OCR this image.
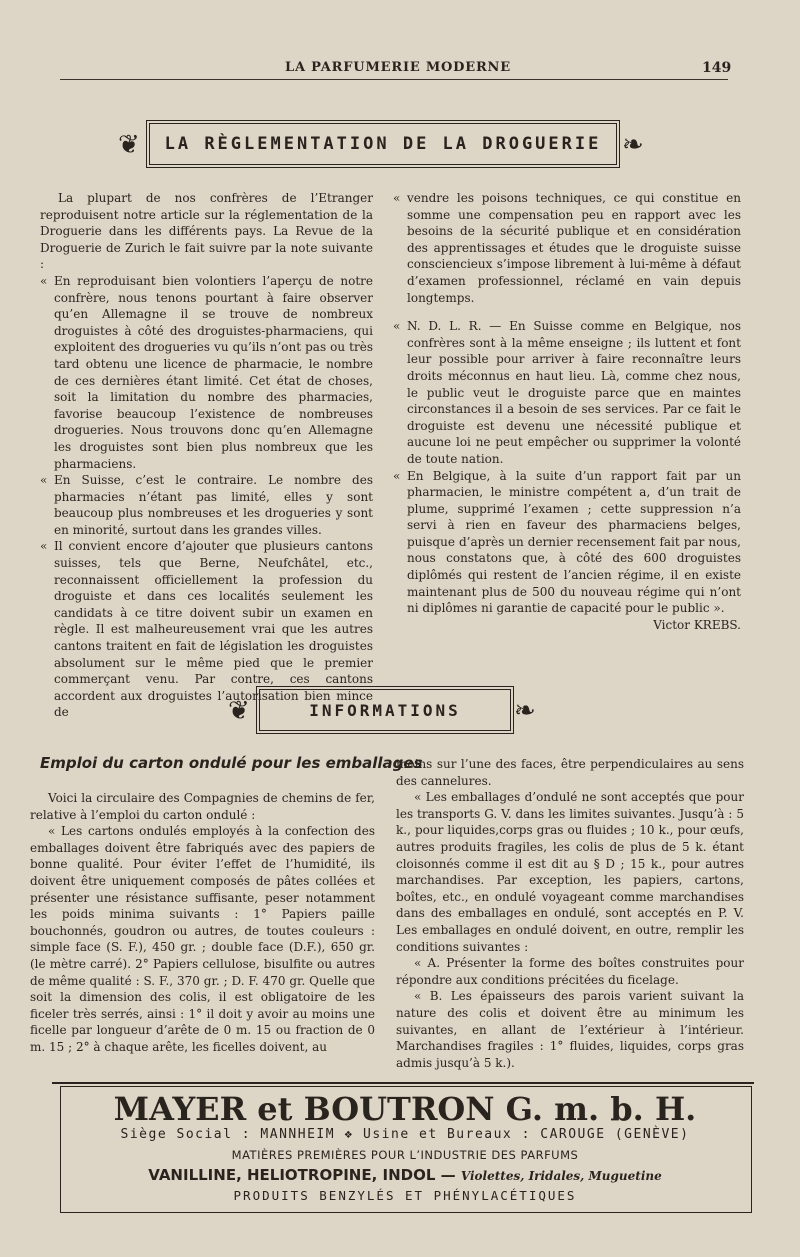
LA PARFUMERIE MODERNE	149
❦ LA RÈGLEMENTATION DE LA DROGUERIE ❧

La plupart de nos confrères de l’Etranger reproduisent notre article sur la réglementation de la Droguerie dans les différents pays. La Revue de la Droguerie de Zurich le fait suivre par la note suivante :

« En reproduisant bien volontiers l’aperçu de notre confrère, nous tenons pourtant à faire observer qu’en Allemagne il se trouve de nombreux droguistes à côté des droguistes-pharmaciens, qui exploitent des drogueries vu qu’ils n’ont pas ou très tard obtenu une licence de pharmacie, le nombre de ces dernières étant limité. Cet état de choses, soit la limitation du nombre des pharmacies, favorise beaucoup l’existence de nombreuses drogueries. Nous trouvons donc qu’en Allemagne les droguistes sont bien plus nombreux que les pharmaciens.

« En Suisse, c’est le contraire. Le nombre des pharmacies n’étant pas limité, elles y sont beaucoup plus nombreuses et les drogueries y sont en minorité, surtout dans les grandes villes.

« Il convient encore d’ajouter que plusieurs cantons suisses, tels que Berne, Neufchâtel, etc., reconnaissent officiellement la profession du droguiste et dans ces localités seulement les candidats à ce titre doivent subir un examen en règle. Il est malheureusement vrai que les autres cantons traitent en fait de législation les droguistes absolument sur le même pied que le premier commerçant venu. Par contre, ces cantons accordent aux droguistes l’autorisation bien mince de

« vendre les poisons techniques, ce qui constitue en somme une compensation peu en rapport avec les besoins de la sécurité publique et en considération des apprentissages et études que le droguiste suisse consciencieux s’impose librement à lui-même à défaut d’examen professionnel, réclamé en vain depuis longtemps.

« N. D. L. R. — En Suisse comme en Belgique, nos confrères sont à la même enseigne ; ils luttent et font leur possible pour arriver à faire reconnaître leurs droits méconnus en haut lieu. Là, comme chez nous, le public veut le droguiste parce que en maintes circonstances il a besoin de ses services. Par ce fait le droguiste est devenu une nécessité publique et aucune loi ne peut empêcher ou supprimer la volonté de toute nation.

« En Belgique, à la suite d’un rapport fait par un pharmacien, le ministre compétent a, d’un trait de plume, supprimé l’examen ; cette suppression n’a servi à rien en faveur des pharmaciens belges, puisque d’après un dernier recensement fait par nous, nous constatons que, à côté des 600 droguistes diplômés qui restent de l’ancien régime, il en existe maintenant plus de 500 du nouveau régime qui n’ont ni diplômes ni garantie de capacité pour le public ».

Victor KREBS.

❦	INFORMATIONS ❧
Emploi du carton ondulé pour les emballages

Voici la circulaire des Compagnies de chemins de fer, relative à l’emploi du carton ondulé :

« Les cartons ondulés employés à la confection des emballages doivent être fabriqués avec des papiers de bonne qualité. Pour éviter l’effet de l’humidité, ils doivent être uniquement composés de pâtes collées et présenter une résistance suffisante, peser notamment les poids minima suivants : 1° Papiers paille bouchonnés, goudron ou autres, de toutes couleurs : simple face (S. F.), 450 gr. ; double face (D.F.), 650 gr. (le mètre carré). 2° Papiers cellulose, bisulfite ou autres de même qualité : S. F., 370 gr. ; D. F. 470 gr. Quelle que soit la dimension des colis, il est obligatoire de les ficeler très serrés, ainsi : 1° il doit y avoir au moins une ficelle par longueur d’arête de 0 m. 15 ou fraction de 0 m. 15 ; 2° à chaque arête, les ficelles doivent, au

moins sur l’une des faces, être perpendiculaires au sens des cannelures.

« Les emballages d’ondulé ne sont acceptés que pour les transports G. V. dans les limites suivantes. Jusqu’à : 5 k., pour liquides,corps gras ou fluides ; 10 k., pour œufs, autres produits fragiles, les colis de plus de 5 k. étant cloisonnés comme il est dit au § D ; 15 k., pour autres marchandises. Par exception, les papiers, cartons, boîtes, etc., en ondulé voyageant comme marchandises dans des emballages en ondulé, sont acceptés en P. V. Les emballages en ondulé doivent, en outre, remplir les conditions suivantes :

« A. Présenter la forme des boîtes construites pour répondre aux conditions précitées du ficelage.

« B. Les épaisseurs des parois varient suivant la nature des colis et doivent être au minimum les suivantes, en allant de l’extérieur à l’intérieur. Marchandises fragiles : 1° fluides, liquides, corps gras admis jusqu’à 5 k.).

MAYER et BOUTRON G. m. b. H.
Siège Social : MANNHEIM ❖ Usine et Bureaux : CAROUGE (GENÈVE)
MATIÈRES PREMIÈRES POUR L’INDUSTRIE DES PARFUMS
VANILLINE, HELIOTROPINE, INDOL — Violettes, Iridales, Muguetine
PRODUITS BENZYLÉS ET PHÉNYLACÉTIQUES
